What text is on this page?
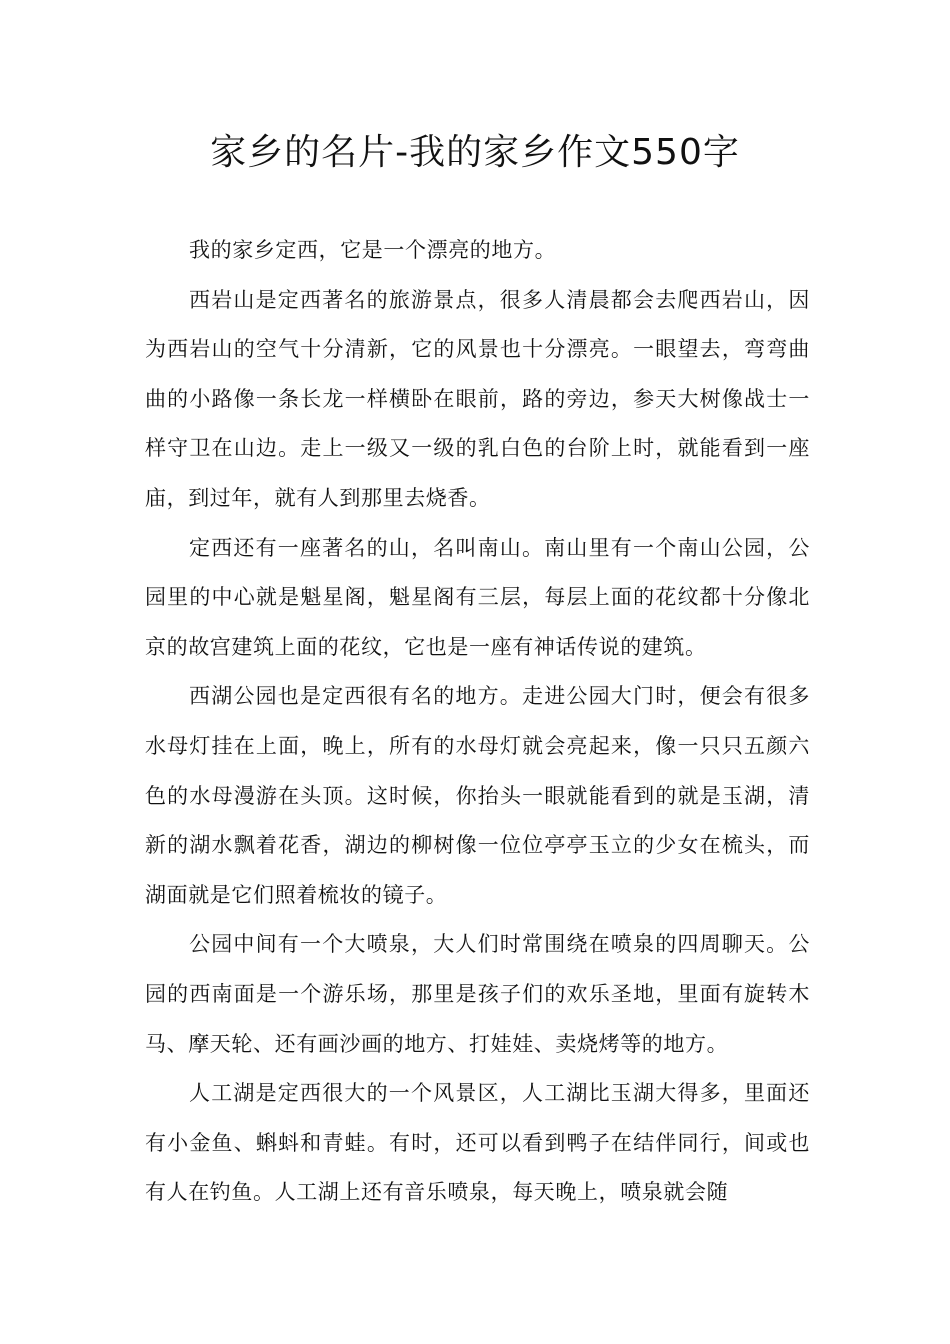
家乡的名片-我的家乡作文550字

我的家乡定西，它是一个漂亮的地方。

西岩山是定西著名的旅游景点，很多人清晨都会去爬西岩山，因为西岩山的空气十分清新，它的风景也十分漂亮。一眼望去，弯弯曲曲的小路像一条长龙一样横卧在眼前，路的旁边，参天大树像战士一样守卫在山边。走上一级又一级的乳白色的台阶上时，就能看到一座庙，到过年，就有人到那里去烧香。

定西还有一座著名的山，名叫南山。南山里有一个南山公园，公园里的中心就是魁星阁，魁星阁有三层，每层上面的花纹都十分像北京的故宫建筑上面的花纹，它也是一座有神话传说的建筑。

西湖公园也是定西很有名的地方。走进公园大门时，便会有很多水母灯挂在上面，晚上，所有的水母灯就会亮起来，像一只只五颜六色的水母漫游在头顶。这时候，你抬头一眼就能看到的就是玉湖，清新的湖水飘着花香，湖边的柳树像一位位亭亭玉立的少女在梳头，而湖面就是它们照着梳妆的镜子。

公园中间有一个大喷泉，大人们时常围绕在喷泉的四周聊天。公园的西南面是一个游乐场，那里是孩子们的欢乐圣地，里面有旋转木马、摩天轮、还有画沙画的地方、打娃娃、卖烧烤等的地方。

人工湖是定西很大的一个风景区，人工湖比玉湖大得多，里面还有小金鱼、蝌蚪和青蛙。有时，还可以看到鸭子在结伴同行，间或也有人在钓鱼。人工湖上还有音乐喷泉，每天晚上，喷泉就会随
